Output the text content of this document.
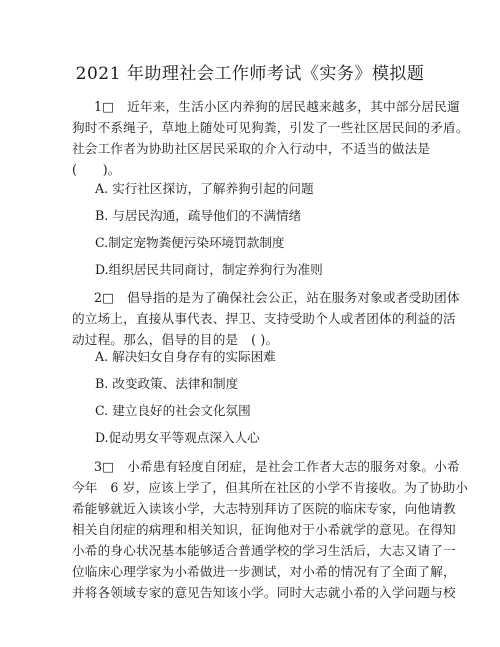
2021 年助理社会工作师考试《实务》模拟题
1□　近年来，生活小区内养狗的居民越来越多，其中部分居民遛
狗时不系绳子，草地上随处可见狗粪，引发了一些社区居民间的矛盾。
社会工作者为协助社区居民采取的介入行动中，不适当的做法是
(　　)。
A. 实行社区探访，了解养狗引起的问题
B. 与居民沟通，疏导他们的不满情绪
C.制定宠物粪便污染环境罚款制度
D.组织居民共同商讨，制定养狗行为准则
2□　倡导指的是为了确保社会公正，站在服务对象或者受助团体
的立场上，直接从事代表、捍卫、支持受助个人或者团体的利益的活
动过程。那么，倡导的目的是　( )。
A. 解决妇女自身存有的实际困难
B. 改变政策、法律和制度
C. 建立良好的社会文化氛围
D.促动男女平等观点深入人心
3□　小希患有轻度自闭症，是社会工作者大志的服务对象。小希
今年　6 岁，应该上学了，但其所在社区的小学不肯接收。为了协助小
希能够就近入读该小学，大志特别拜访了医院的临床专家，向他请教
相关自闭症的病理和相关知识，征询他对于小希就学的意见。在得知
小希的身心状况基本能够适合普通学校的学习生活后，大志又请了一
位临床心理学家为小希做进一步测试，对小希的情况有了全面了解，
并将各领域专家的意见告知该小学。同时大志就小希的入学问题与校
